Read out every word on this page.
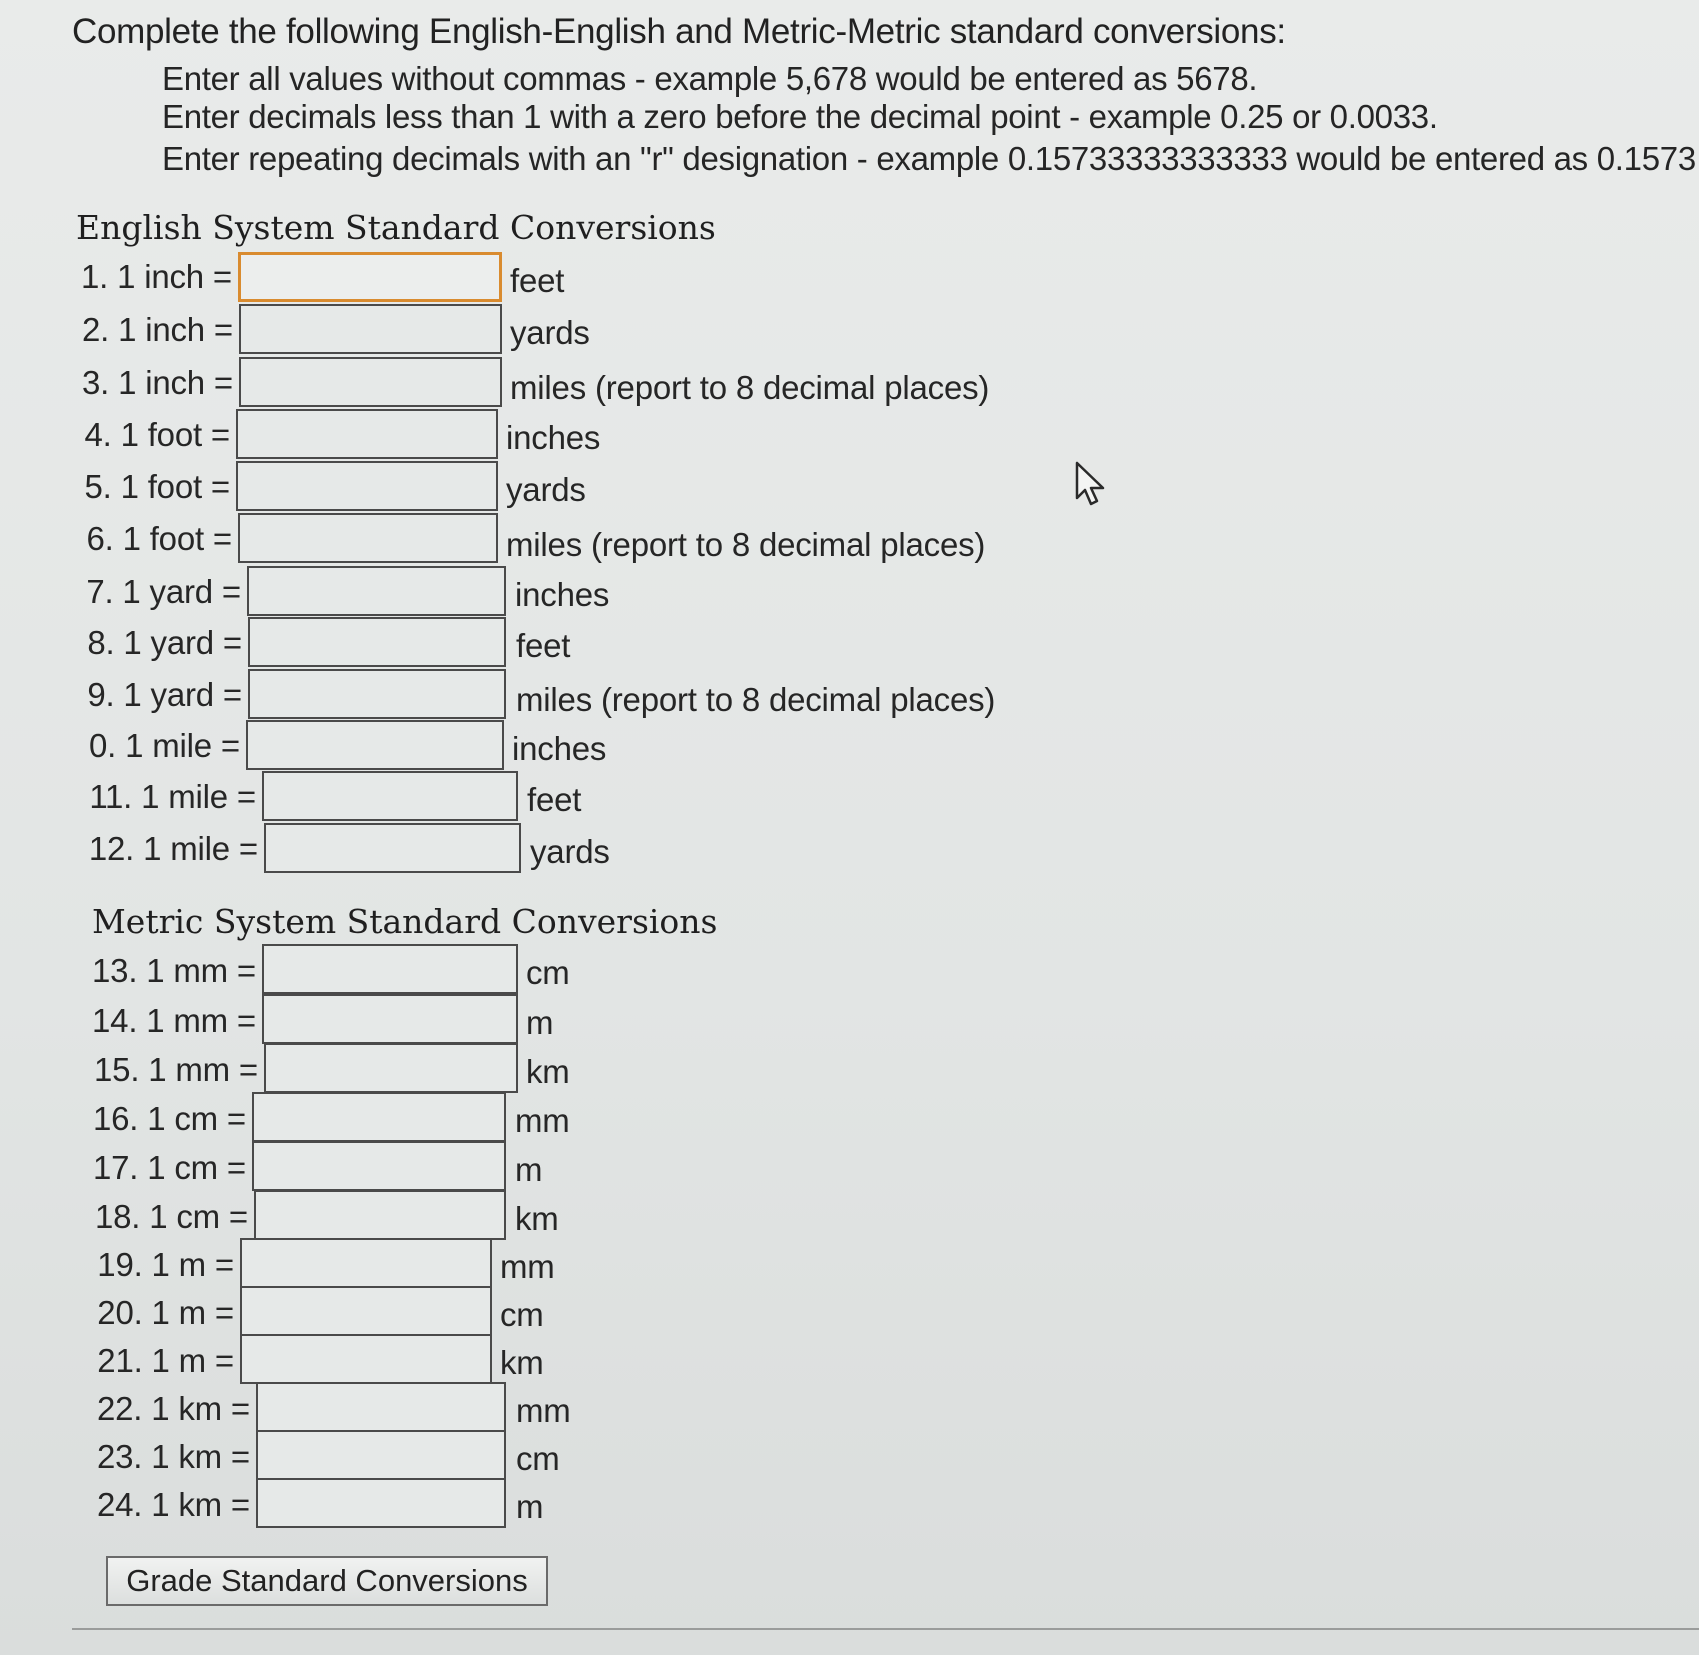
Complete the following English-English and Metric-Metric standard conversions:
Enter all values without commas - example 5,678 would be entered as 5678.
Enter decimals less than 1 with a zero before the decimal point - example 0.25 or 0.0033.
Enter repeating decimals with an "r" designation - example 0.15733333333333 would be entered as 0.1573
English System Standard Conversions
1. 1 inch =	feet
2. 1 inch =	yards
3. 1 inch =	miles (report to 8 decimal places)
4. 1 foot =	inches
5. 1 foot =	yards
6. 1 foot =	miles (report to 8 decimal places)
7. 1 yard =	inches
8. 1 yard =	feet
9. 1 yard =	miles (report to 8 decimal places)
0. 1 mile =	inches
11. 1 mile =	feet
12. 1 mile =	yards
Metric System Standard Conversions
13. 1 mm =	cm
14. 1 mm =	m
15. 1 mm =	km
16. 1 cm =	mm
17. 1 cm =	m
18. 1 cm =	km
19. 1 m =	mm
20. 1 m =	cm
21. 1 m =	km
22. 1 km =	mm
23. 1 km =	cm
24. 1 km =	m
Grade Standard Conversions
